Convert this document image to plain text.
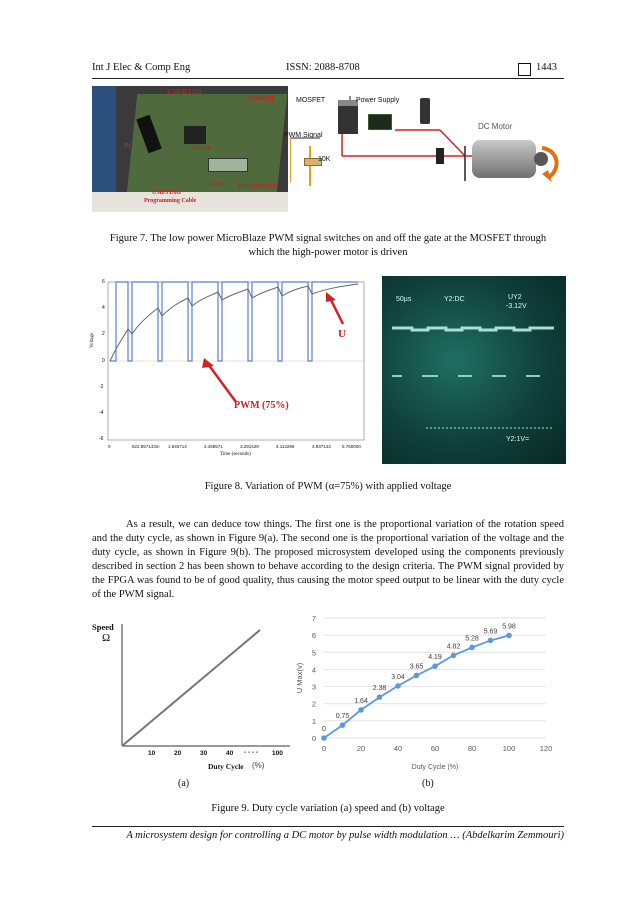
Int J Elec & Comp Eng	ISSN: 2088-8708	1443
USB/RS232
POWER
PC	FPGA
LEDs
USB/JTAG
Programming Cable
DIP SWITCHS
MOSFET	Power Supply
PWM Signal
10K
DC Motor
Figure 7. The low power MicroBlaze PWM signal switches on and off the gate at the MOSFET through
which the high-power motor is driven
Voltage
6
4
2
0
-2
-4
-6
0	822.857143m 1.645714	2.468571	3.291429	4.114286	4.937143 5.760000
Time (seconds)
U
PWM (75%)
50µs	Y2:DC	UY2
-3.12V
Y2:1V=
Figure 8. Variation of PWM (α=75%) with applied voltage
As a result, we can deduce tow things. The first one is the proportional variation of the rotation speed and the duty cycle, as shown in Figure 9(a). The second one is the proportional variation of the voltage and the duty cycle, as shown in Figure 9(b). The proposed microsystem developed using the components previously described in section 2 has been shown to behave according to the design criteria. The PWM signal provided by the FPGA was found to be of good quality, thus causing the motor speed output to be linear with the duty cycle of the PWM signal.
Speed
Ω
10	20	30	40 - - - - 100
Duty Cycle (%)
(a)
0
1
2
3
4
5
6
7
0	20	40	60	80	100	120
Duty Cycle (%)
U Max(v)
0
0.75
1.64
2.38
3.04
3.65
4.19
4.82
5.28
5.69
5.98
(b)
Figure 9. Duty cycle variation (a) speed and (b) voltage
A microsystem design for controlling a DC motor by pulse width modulation … (Abdelkarim Zemmouri)
